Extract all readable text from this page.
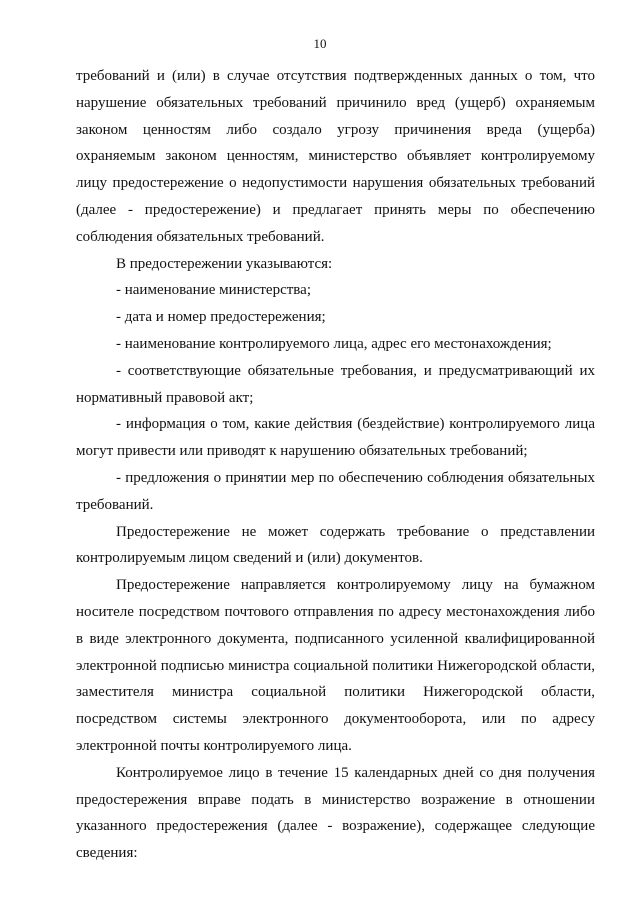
10

требований и (или) в случае отсутствия подтвержденных данных о том, что нарушение обязательных требований причинило вред (ущерб) охраняемым законом ценностям либо создало угрозу причинения вреда (ущерба) охраняемым законом ценностям, министерство объявляет контролируемому лицу предостережение о недопустимости нарушения обязательных требований (далее - предостережение) и предлагает принять меры по обеспечению соблюдения обязательных требований.

В предостережении указываются:

- наименование министерства;

- дата и номер предостережения;

- наименование контролируемого лица, адрес его местонахождения;

- соответствующие обязательные требования, и предусматривающий их нормативный правовой акт;

- информация о том, какие действия (бездействие) контролируемого лица могут привести или приводят к нарушению обязательных требований;

- предложения о принятии мер по обеспечению соблюдения обязательных требований.

Предостережение не может содержать требование о представлении контролируемым лицом сведений и (или) документов.

Предостережение направляется контролируемому лицу на бумажном носителе посредством почтового отправления по адресу местонахождения либо в виде электронного документа, подписанного усиленной квалифицированной электронной подписью министра социальной политики Нижегородской области, заместителя министра социальной политики Нижегородской области, посредством системы электронного документооборота, или по адресу электронной почты контролируемого лица.

Контролируемое лицо в течение 15 календарных дней со дня получения предостережения вправе подать в министерство возражение в отношении указанного предостережения (далее - возражение), содержащее следующие сведения:
